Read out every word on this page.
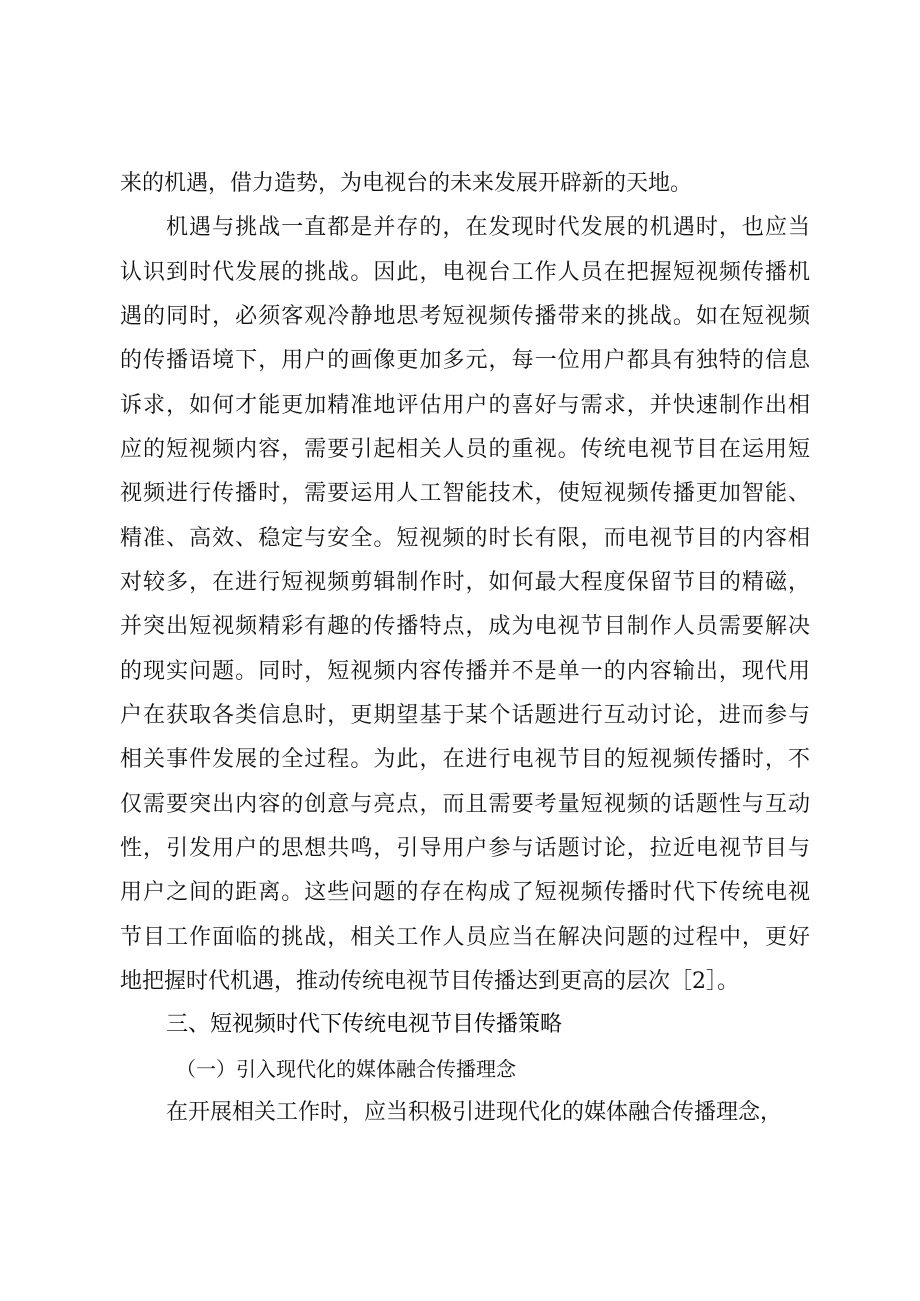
来的机遇，借力造势，为电视台的未来发展开辟新的天地。
机遇与挑战一直都是并存的，在发现时代发展的机遇时，也应当
认识到时代发展的挑战。因此，电视台工作人员在把握短视频传播机
遇的同时，必须客观冷静地思考短视频传播带来的挑战。如在短视频
的传播语境下，用户的画像更加多元，每一位用户都具有独特的信息
诉求，如何才能更加精准地评估用户的喜好与需求，并快速制作出相
应的短视频内容，需要引起相关人员的重视。传统电视节目在运用短
视频进行传播时，需要运用人工智能技术，使短视频传播更加智能、
精准、高效、稳定与安全。短视频的时长有限，而电视节目的内容相
对较多，在进行短视频剪辑制作时，如何最大程度保留节目的精磁，
并突出短视频精彩有趣的传播特点，成为电视节目制作人员需要解决
的现实问题。同时，短视频内容传播并不是单一的内容输出，现代用
户在获取各类信息时，更期望基于某个话题进行互动讨论，进而参与
相关事件发展的全过程。为此，在进行电视节目的短视频传播时，不
仅需要突出内容的创意与亮点，而且需要考量短视频的话题性与互动
性，引发用户的思想共鸣，引导用户参与话题讨论，拉近电视节目与
用户之间的距离。这些问题的存在构成了短视频传播时代下传统电视
节目工作面临的挑战，相关工作人员应当在解决问题的过程中，更好
地把握时代机遇，推动传统电视节目传播达到更高的层次［2］。
三、短视频时代下传统电视节目传播策略
（一）引入现代化的媒体融合传播理念
在开展相关工作时，应当积极引进现代化的媒体融合传播理念，
